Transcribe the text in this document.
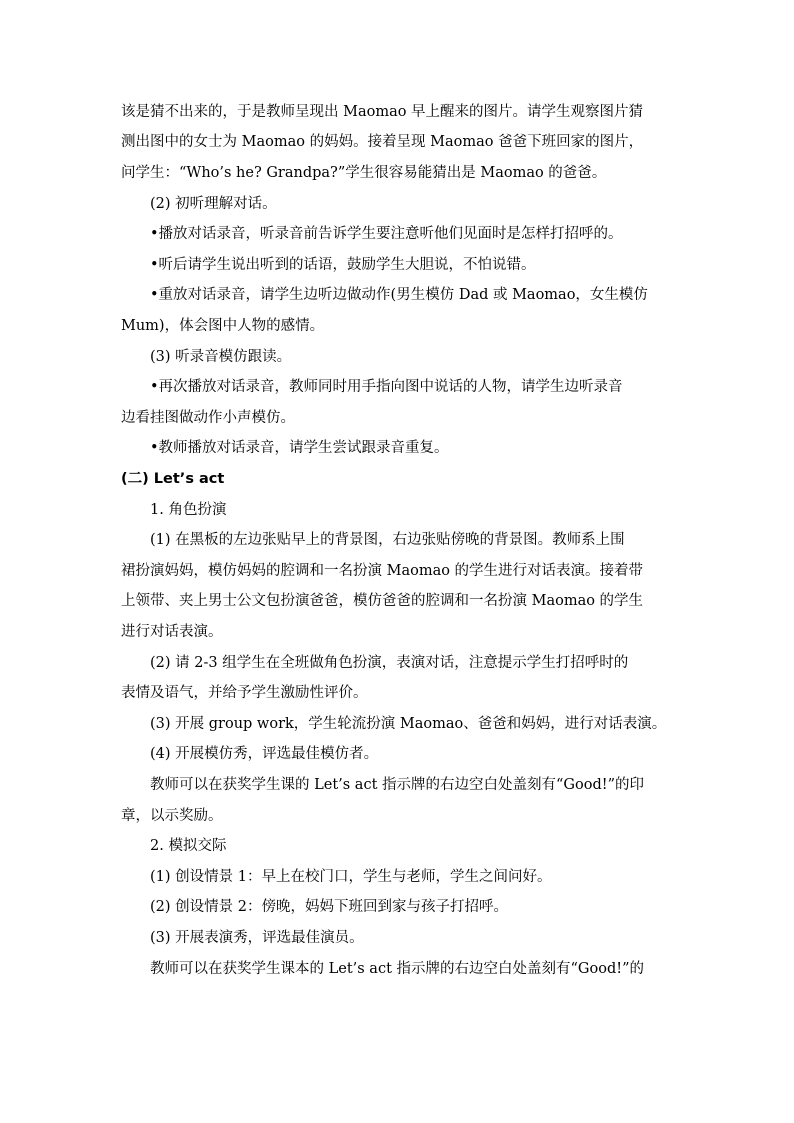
该是猜不出来的，于是教师呈现出 Maomao 早上醒来的图片。请学生观察图片猜
测出图中的女士为 Maomao 的妈妈。接着呈现 Maomao 爸爸下班回家的图片，
问学生：“Who’s he? Grandpa?”学生很容易能猜出是 Maomao 的爸爸。
(2) 初听理解对话。
•播放对话录音，听录音前告诉学生要注意听他们见面时是怎样打招呼的。
•听后请学生说出听到的话语，鼓励学生大胆说，不怕说错。
•重放对话录音，请学生边听边做动作(男生模仿 Dad 或 Maomao，女生模仿
Mum)，体会图中人物的感情。
(3) 听录音模仿跟读。
•再次播放对话录音，教师同时用手指向图中说话的人物，请学生边听录音
边看挂图做动作小声模仿。
•教师播放对话录音，请学生尝试跟录音重复。
(二) Let’s act
1. 角色扮演
(1) 在黑板的左边张贴早上的背景图，右边张贴傍晚的背景图。教师系上围
裙扮演妈妈，模仿妈妈的腔调和一名扮演 Maomao 的学生进行对话表演。接着带
上领带、夹上男士公文包扮演爸爸，模仿爸爸的腔调和一名扮演 Maomao 的学生
进行对话表演。
(2) 请 2-3 组学生在全班做角色扮演，表演对话，注意提示学生打招呼时的
表情及语气，并给予学生激励性评价。
(3) 开展 group work，学生轮流扮演 Maomao、爸爸和妈妈，进行对话表演。
(4) 开展模仿秀，评选最佳模仿者。
教师可以在获奖学生课的 Let’s act 指示牌的右边空白处盖刻有“Good!”的印
章，以示奖励。
2. 模拟交际
(1) 创设情景 1：早上在校门口，学生与老师，学生之间问好。
(2) 创设情景 2：傍晚，妈妈下班回到家与孩子打招呼。
(3) 开展表演秀，评选最佳演员。
教师可以在获奖学生课本的 Let’s act 指示牌的右边空白处盖刻有“Good!”的
